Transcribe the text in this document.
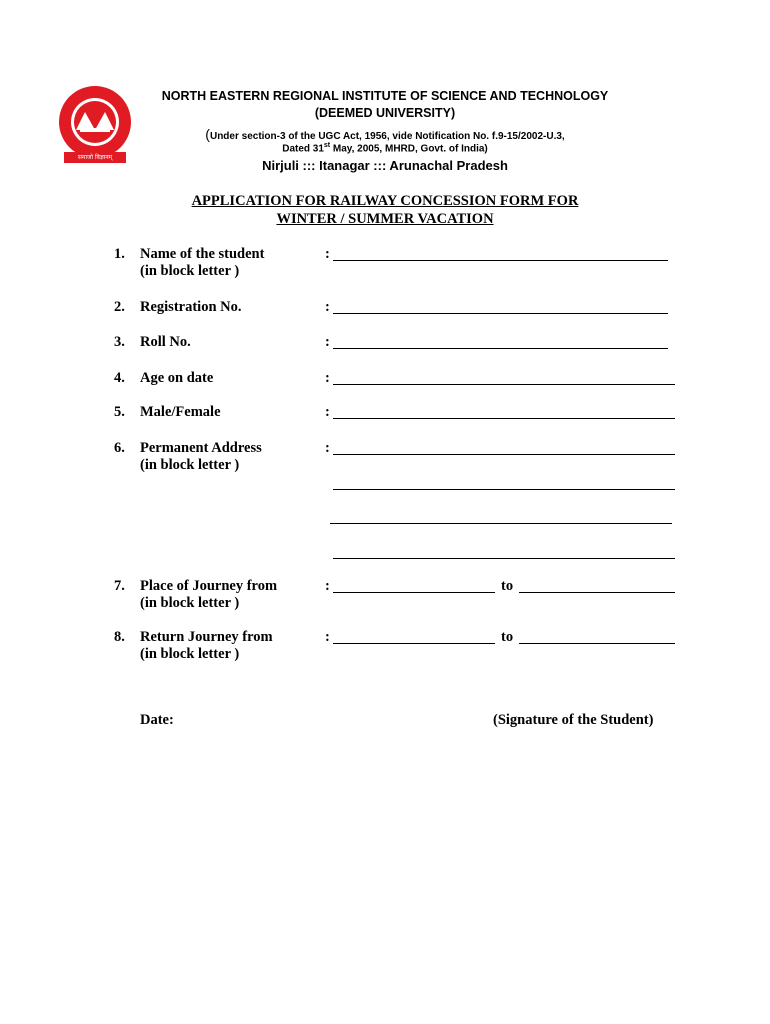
समाजो विज्ञानम्
NORTH EASTERN REGIONAL INSTITUTE OF SCIENCE AND TECHNOLOGY
(DEEMED UNIVERSITY)
(Under section-3 of the UGC Act, 1956, vide Notification No. f.9-15/2002-U.3,
Dated 31st May, 2005, MHRD, Govt. of India)
Nirjuli ::: Itanagar ::: Arunachal Pradesh
APPLICATION FOR RAILWAY CONCESSION FORM FOR
WINTER / SUMMER VACATION
1. Name of the student
(in block letter )
:
2. Registration No.	:
3. Roll No.	:
4. Age on date	:
5. Male/Female	:
6. Permanent Address
(in block letter )
:
7. Place of Journey from
(in block letter )
:	to
8. Return Journey from
(in block letter )
:	to
Date:	(Signature of the Student)
